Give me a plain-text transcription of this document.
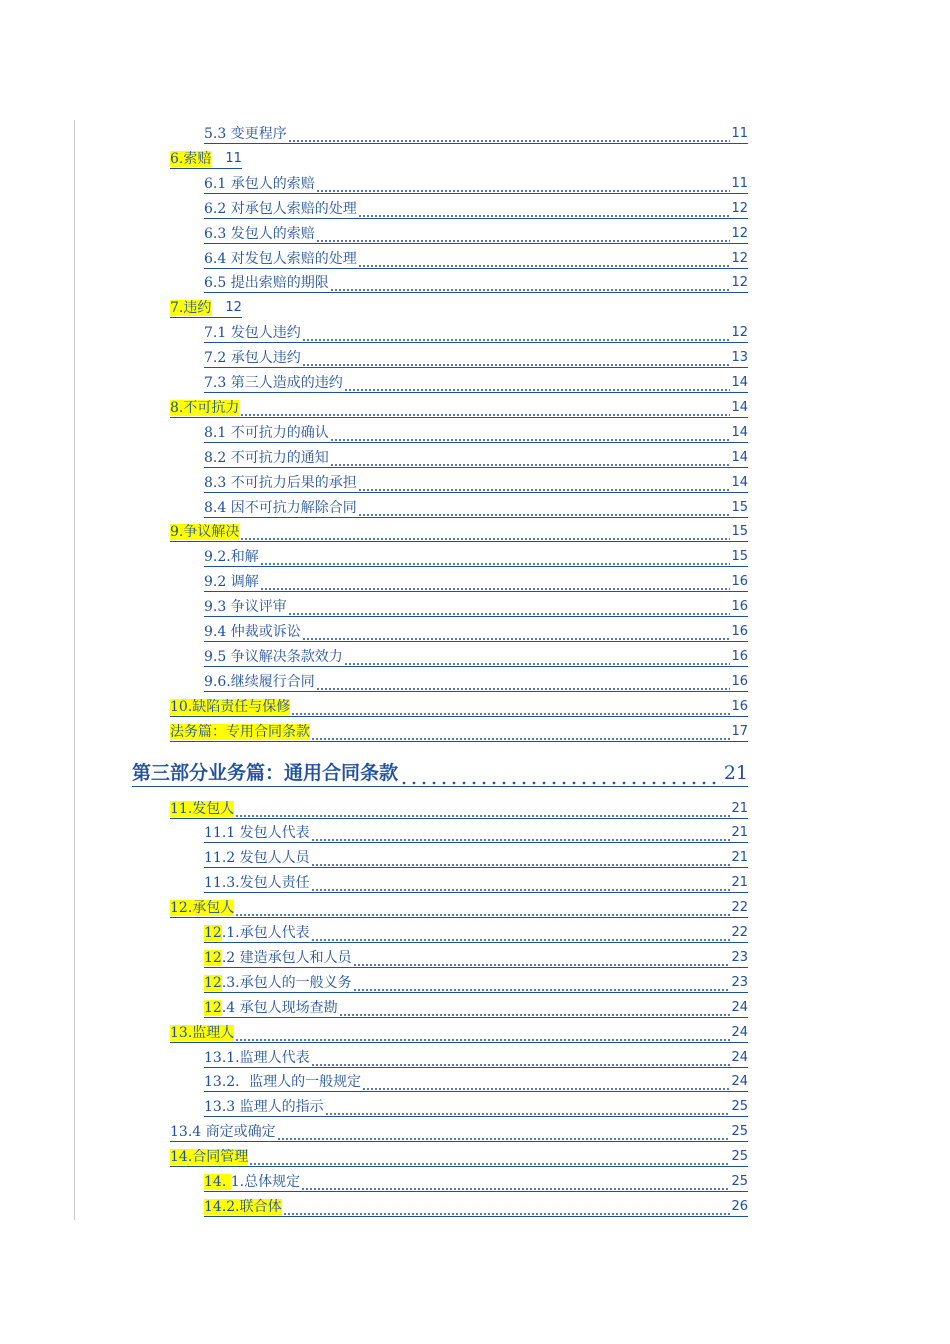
5.3 变更程序	11
6.索赔 11
6.1 承包人的索赔	11
6.2 对承包人索赔的处理	12
6.3 发包人的索赔	12
6.4 对发包人索赔的处理	12
6.5 提出索赔的期限	12
7.违约 12
7.1 发包人违约	12
7.2 承包人违约	13
7.3 第三人造成的违约	14
8.不可抗力	14
8.1 不可抗力的确认	14
8.2 不可抗力的通知	14
8.3 不可抗力后果的承担	14
8.4 因不可抗力解除合同	15
9.争议解决	15
9.2.和解	15
9.2 调解	16
9.3 争议评审	16
9.4 仲裁或诉讼	16
9.5 争议解决条款效力	16
9.6.继续履行合同	16
10.缺陷责任与保修	16
法务篇：专用合同条款	17
第三部分业务篇：通用合同条款	21
11.发包人	21
11.1 发包人代表	21
11.2 发包人人员	21
11.3.发包人责任	21
12.承包人	22
12.1.承包人代表	22
12.2 建造承包人和人员	23
12.3.承包人的一般义务	23
12.4 承包人现场查勘	24
13.监理人	24
13.1.监理人代表	24
13.2．监理人的一般规定	24
13.3 监理人的指示	25
13.4 商定或确定	25
14.合同管理	25
14. 1.总体规定	25
14.2.联合体	26
